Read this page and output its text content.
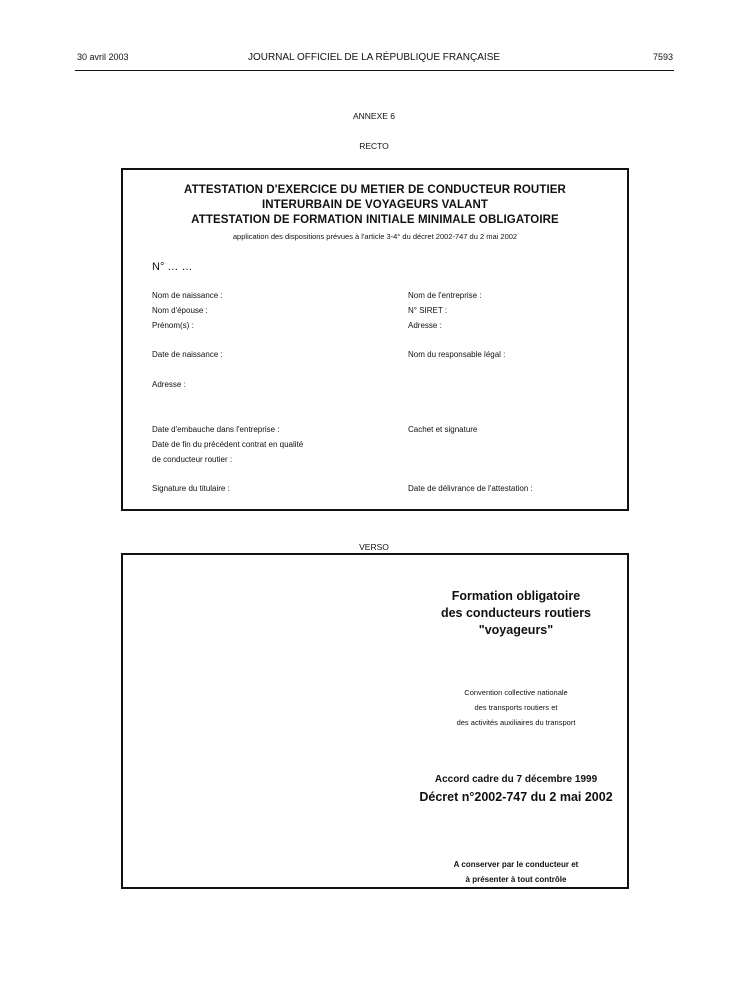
30 avril 2003	JOURNAL OFFICIEL DE LA RÉPUBLIQUE FRANÇAISE	7593
ANNEXE 6
RECTO
ATTESTATION D'EXERCICE DU METIER DE CONDUCTEUR ROUTIER
INTERURBAIN DE VOYAGEURS VALANT
ATTESTATION DE FORMATION INITIALE MINIMALE OBLIGATOIRE
application des dispositions prévues à l'article 3-4° du décret 2002-747 du 2 mai 2002
N° … …
Nom de naissance :
Nom d'épouse :
Prénom(s) :
Date de naissance :
Adresse :
Date d'embauche dans l'entreprise :
Date de fin du précédent contrat en qualité
de conducteur routier :
Signature du titulaire :
Nom de l'entreprise :
N° SIRET :
Adresse :
Nom du responsable légal :
Cachet et signature
Date de délivrance de l'attestation :
VERSO
Formation obligatoire
des conducteurs routiers
"voyageurs"
Convention collective nationale
des transports routiers et
des activités auxiliaires du transport
Accord cadre du 7 décembre 1999
Décret n°2002-747 du 2 mai 2002
A conserver par le conducteur et
à présenter à tout contrôle
